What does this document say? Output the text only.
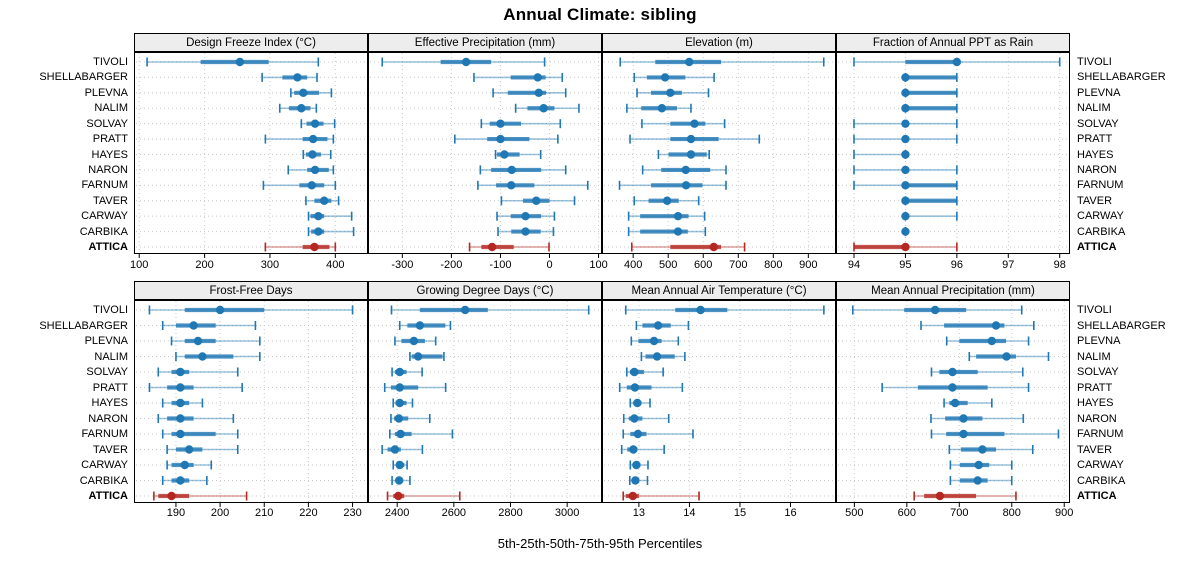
Annual Climate: sibling
Design Freeze Index (°C)
100	200	300	400
Effective Precipitation (mm)
-300	-200	-100	0	100
Elevation (m)
400	500	600	700	800	900
Fraction of Annual PPT as Rain
94	95	96	97	98
Frost-Free Days
190	200	210	220	230
Growing Degree Days (°C)
2400	2600	2800	3000
Mean Annual Air Temperature (°C)
13	14	15	16
Mean Annual Precipitation (mm)
500	600	700	800	900
TIVOLI	TIVOLI
SHELLABARGER	SHELLABARGER
PLEVNA	PLEVNA
NALIM	NALIM
SOLVAY	SOLVAY
PRATT	PRATT
HAYES	HAYES
NARON	NARON
FARNUM	FARNUM
TAVER	TAVER
CARWAY	CARWAY
CARBIKA	CARBIKA
ATTICA	ATTICA
TIVOLI	TIVOLI
SHELLABARGER	SHELLABARGER
PLEVNA	PLEVNA
NALIM	NALIM
SOLVAY	SOLVAY
PRATT	PRATT
HAYES	HAYES
NARON	NARON
FARNUM	FARNUM
TAVER	TAVER
CARWAY	CARWAY
CARBIKA	CARBIKA
ATTICA	ATTICA
5th-25th-50th-75th-95th Percentiles
